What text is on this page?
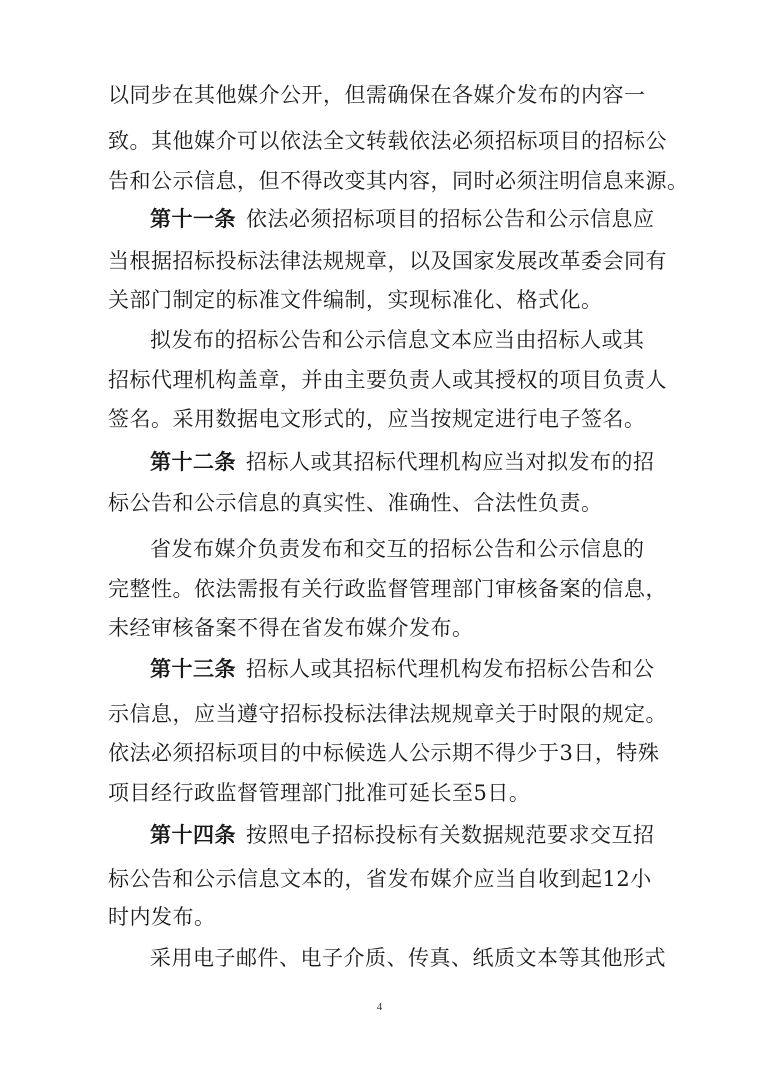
以同步在其他媒介公开，但需确保在各媒介发布的内容一
致。其他媒介可以依法全文转载依法必须招标项目的招标公
告和公示信息，但不得改变其内容，同时必须注明信息来源。
第十一条 依法必须招标项目的招标公告和公示信息应
当根据招标投标法律法规规章，以及国家发展改革委会同有
关部门制定的标准文件编制，实现标准化、格式化。
拟发布的招标公告和公示信息文本应当由招标人或其
招标代理机构盖章，并由主要负责人或其授权的项目负责人
签名。采用数据电文形式的，应当按规定进行电子签名。
第十二条 招标人或其招标代理机构应当对拟发布的招
标公告和公示信息的真实性、准确性、合法性负责。
省发布媒介负责发布和交互的招标公告和公示信息的
完整性。依法需报有关行政监督管理部门审核备案的信息，
未经审核备案不得在省发布媒介发布。
第十三条 招标人或其招标代理机构发布招标公告和公
示信息，应当遵守招标投标法律法规规章关于时限的规定。
依法必须招标项目的中标候选人公示期不得少于3日，特殊
项目经行政监督管理部门批准可延长至5日。
第十四条 按照电子招标投标有关数据规范要求交互招
标公告和公示信息文本的，省发布媒介应当自收到起12小
时内发布。
采用电子邮件、电子介质、传真、纸质文本等其他形式
4
